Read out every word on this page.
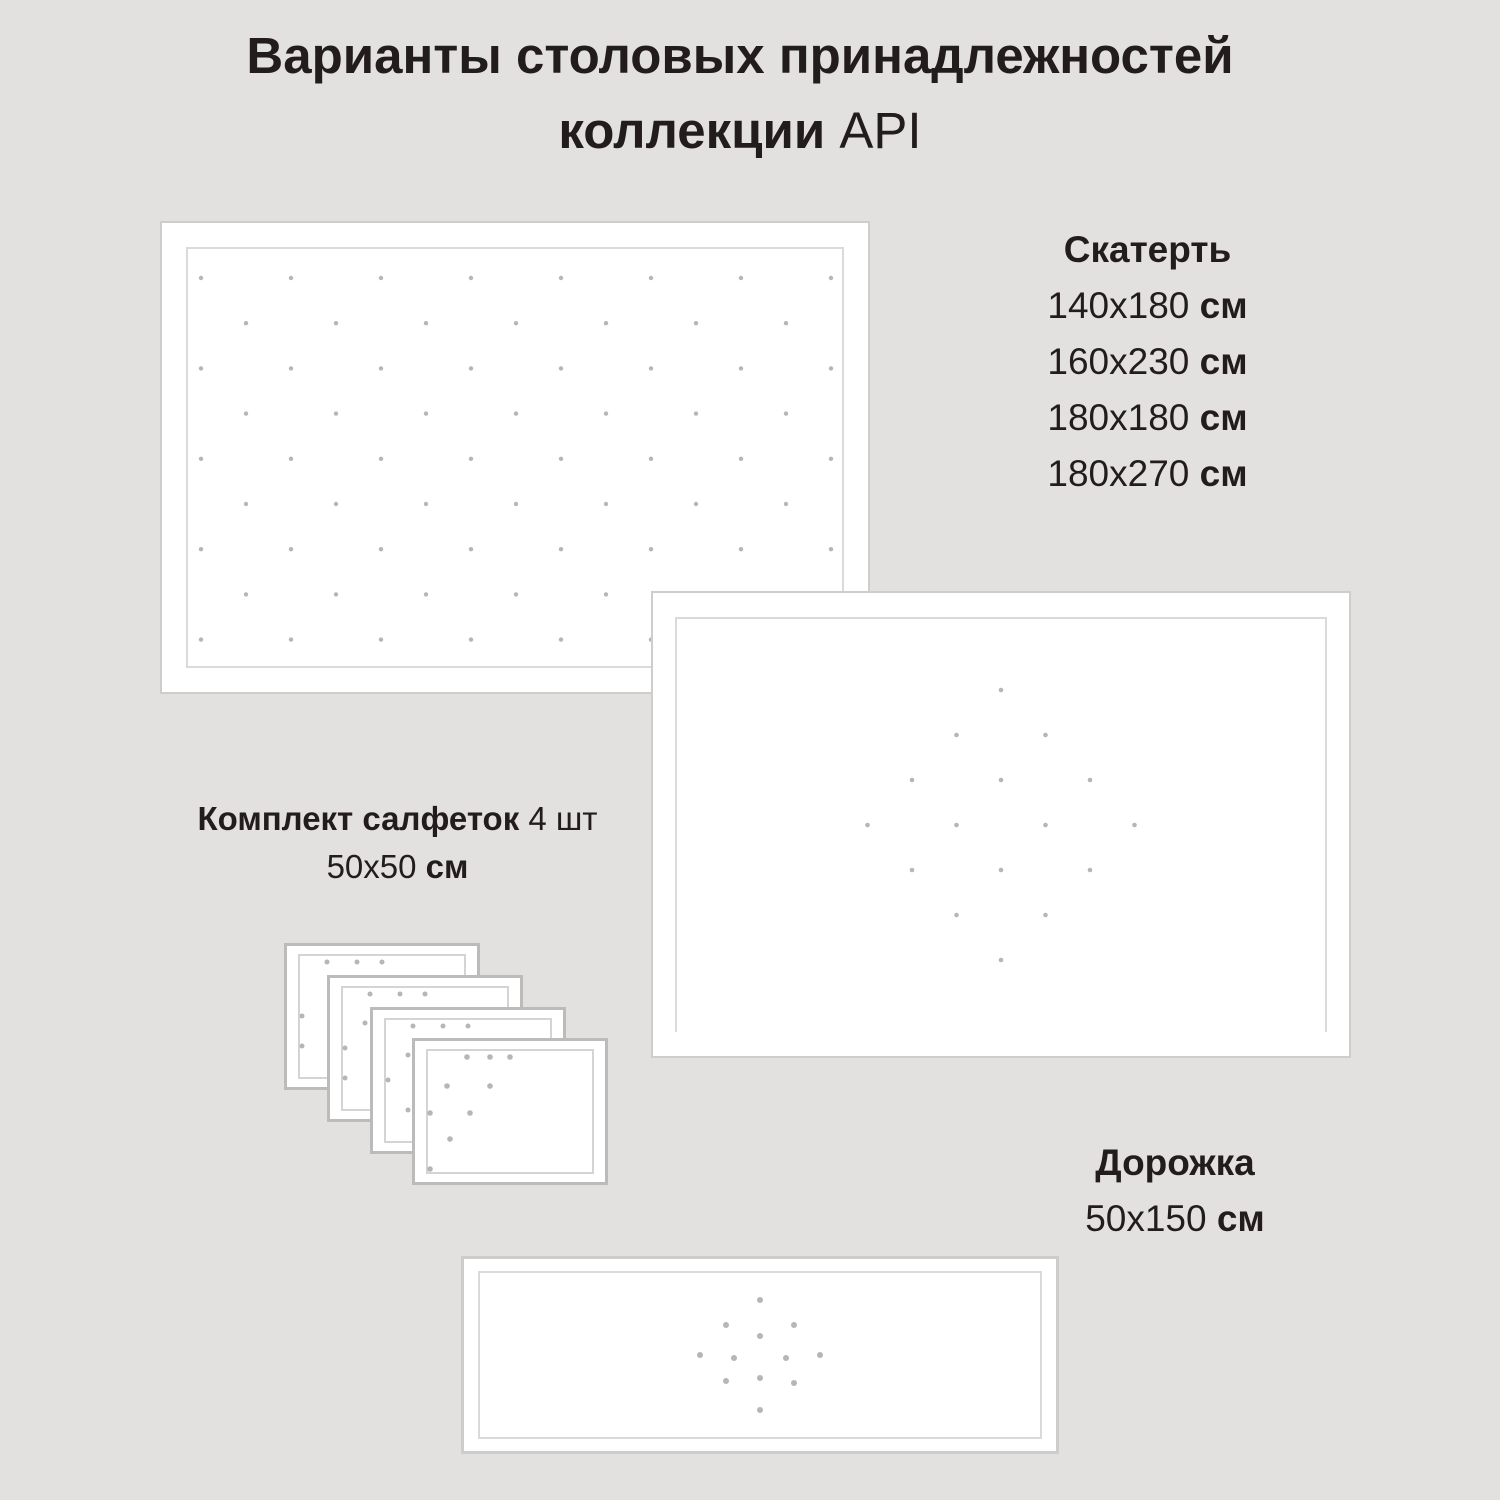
Варианты столовых принадлежностей
коллекции API
Скатерть
140x180 см
160x230 см
180x180 см
180x270 см
Комплект салфеток 4 шт
50x50 см
Дорожка
50x150 см
